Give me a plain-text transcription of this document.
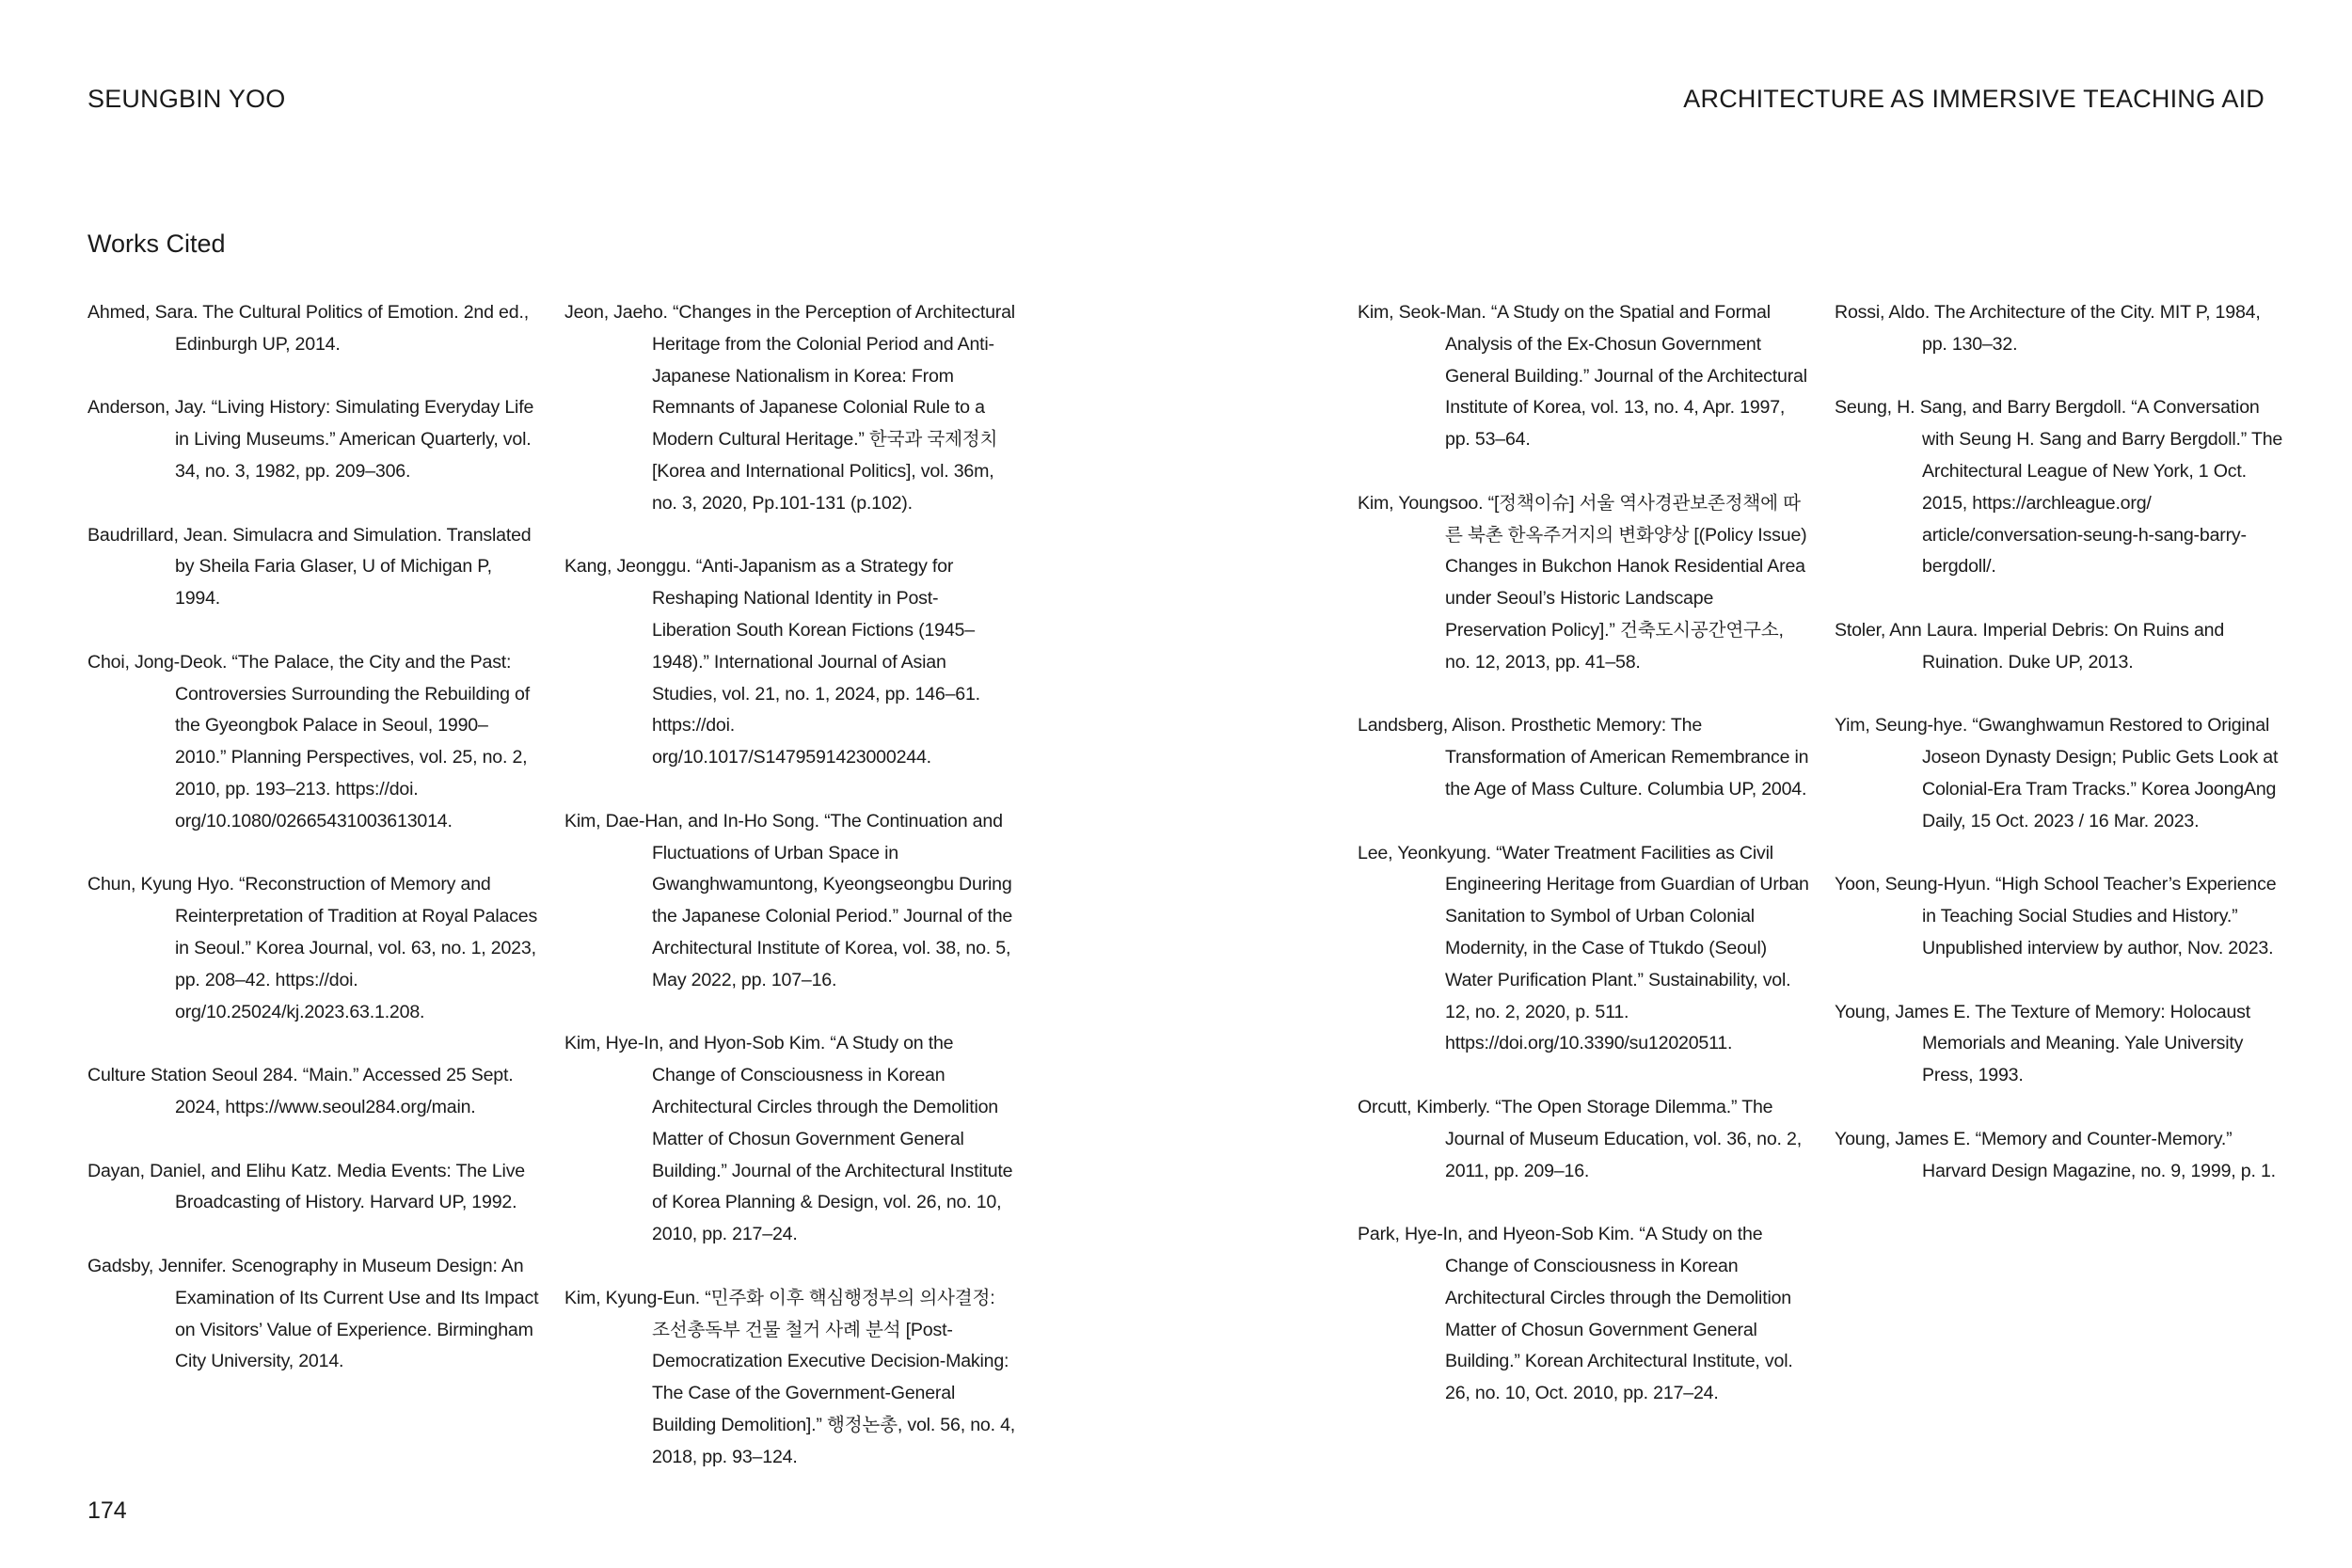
SEUNGBIN YOO	ARCHITECTURE AS IMMERSIVE TEACHING AID
Works Cited

Ahmed, Sara. The Cultural Politics of Emotion. 2nd ed., Edinburgh UP, 2014.

Anderson, Jay. “Living History: Simulating Everyday Life in Living Museums.” American Quarterly, vol. 34, no. 3, 1982, pp. 209–306.

Baudrillard, Jean. Simulacra and Simulation. Translated by Sheila Faria Glaser, U of Michigan P, 1994.

Choi, Jong-Deok. “The Palace, the City and the Past: Controversies Surrounding the Rebuilding of the Gyeongbok Palace in Seoul, 1990–2010.” Planning Perspectives, vol. 25, no. 2, 2010, pp. 193–213. https://doi. org/10.1080/02665431003613014.

Chun, Kyung Hyo. “Reconstruction of Memory and Reinterpretation of Tradition at Royal Palaces in Seoul.” Korea Journal, vol. 63, no. 1, 2023, pp. 208–42. https://doi. org/10.25024/kj.2023.63.1.208.

Culture Station Seoul 284. “Main.” Accessed 25 Sept. 2024, https://www.seoul284.org/main.

Dayan, Daniel, and Elihu Katz. Media Events: The Live Broadcasting of History. Harvard UP, 1992.

Gadsby, Jennifer. Scenography in Museum Design: An Examination of Its Current Use and Its Impact on Visitors’ Value of Experience. Birmingham City University, 2014.

Jeon, Jaeho. “Changes in the Perception of Architectural Heritage from the Colonial Period and Anti-Japanese Nationalism in Korea: From Remnants of Japanese Colonial Rule to a Modern Cultural Heritage.” 한국과 국제정치 [Korea and International Politics], vol. 36m, no. 3, 2020, Pp.101-131 (p.102).

Kang, Jeonggu. “Anti-Japanism as a Strategy for Reshaping National Identity in Post-Liberation South Korean Fictions (1945–1948).” International Journal of Asian Studies, vol. 21, no. 1, 2024, pp. 146–61. https://doi. org/10.1017/S1479591423000244.

Kim, Dae-Han, and In-Ho Song. “The Continuation and Fluctuations of Urban Space in Gwanghwamuntong, Kyeongseongbu During the Japanese Colonial Period.” Journal of the Architectural Institute of Korea, vol. 38, no. 5, May 2022, pp. 107–16.

Kim, Hye-In, and Hyon-Sob Kim. “A Study on the Change of Consciousness in Korean Architectural Circles through the Demolition Matter of Chosun Government General Building.” Journal of the Architectural Institute of Korea Planning & Design, vol. 26, no. 10, 2010, pp. 217–24.

Kim, Kyung-Eun. “민주화 이후 핵심행정부의 의사결정: 조선총독부 건물 철거 사례 분석 [Post-Democratization Executive Decision-Making: The Case of the Government-General Building Demolition].” 행정논총, vol. 56, no. 4, 2018, pp. 93–124.

Kim, Seok-Man. “A Study on the Spatial and Formal Analysis of the Ex-Chosun Government General Building.” Journal of the Architectural Institute of Korea, vol. 13, no. 4, Apr. 1997, pp. 53–64.

Kim, Youngsoo. “[정책이슈] 서울 역사경관보존정책에 따른 북촌 한옥주거지의 변화양상 [(Policy Issue) Changes in Bukchon Hanok Residential Area under Seoul’s Historic Landscape Preservation Policy].” 건축도시공간연구소, no. 12, 2013, pp. 41–58.

Landsberg, Alison. Prosthetic Memory: The Transformation of American Remembrance in the Age of Mass Culture. Columbia UP, 2004.

Lee, Yeonkyung. “Water Treatment Facilities as Civil Engineering Heritage from Guardian of Urban Sanitation to Symbol of Urban Colonial Modernity, in the Case of Ttukdo (Seoul) Water Purification Plant.” Sustainability, vol. 12, no. 2, 2020, p. 511. https://doi.org/10.3390/su12020511.

Orcutt, Kimberly. “The Open Storage Dilemma.” The Journal of Museum Education, vol. 36, no. 2, 2011, pp. 209–16.

Park, Hye-In, and Hyeon-Sob Kim. “A Study on the Change of Consciousness in Korean Architectural Circles through the Demolition Matter of Chosun Government General Building.” Korean Architectural Institute, vol. 26, no. 10, Oct. 2010, pp. 217–24.

Rossi, Aldo. The Architecture of the City. MIT P, 1984, pp. 130–32.

Seung, H. Sang, and Barry Bergdoll. “A Conversation with Seung H. Sang and Barry Bergdoll.” The Architectural League of New York, 1 Oct. 2015, https://archleague.org/ article/conversation-seung-h-sang-barry-bergdoll/.

Stoler, Ann Laura. Imperial Debris: On Ruins and Ruination. Duke UP, 2013.

Yim, Seung-hye. “Gwanghwamun Restored to Original Joseon Dynasty Design; Public Gets Look at Colonial-Era Tram Tracks.” Korea JoongAng Daily, 15 Oct. 2023 / 16 Mar. 2023.

Yoon, Seung-Hyun. “High School Teacher’s Experience in Teaching Social Studies and History.” Unpublished interview by author, Nov. 2023.

Young, James E. The Texture of Memory: Holocaust Memorials and Meaning. Yale University Press, 1993.

Young, James E. “Memory and Counter-Memory.” Harvard Design Magazine, no. 9, 1999, p. 1.

174
